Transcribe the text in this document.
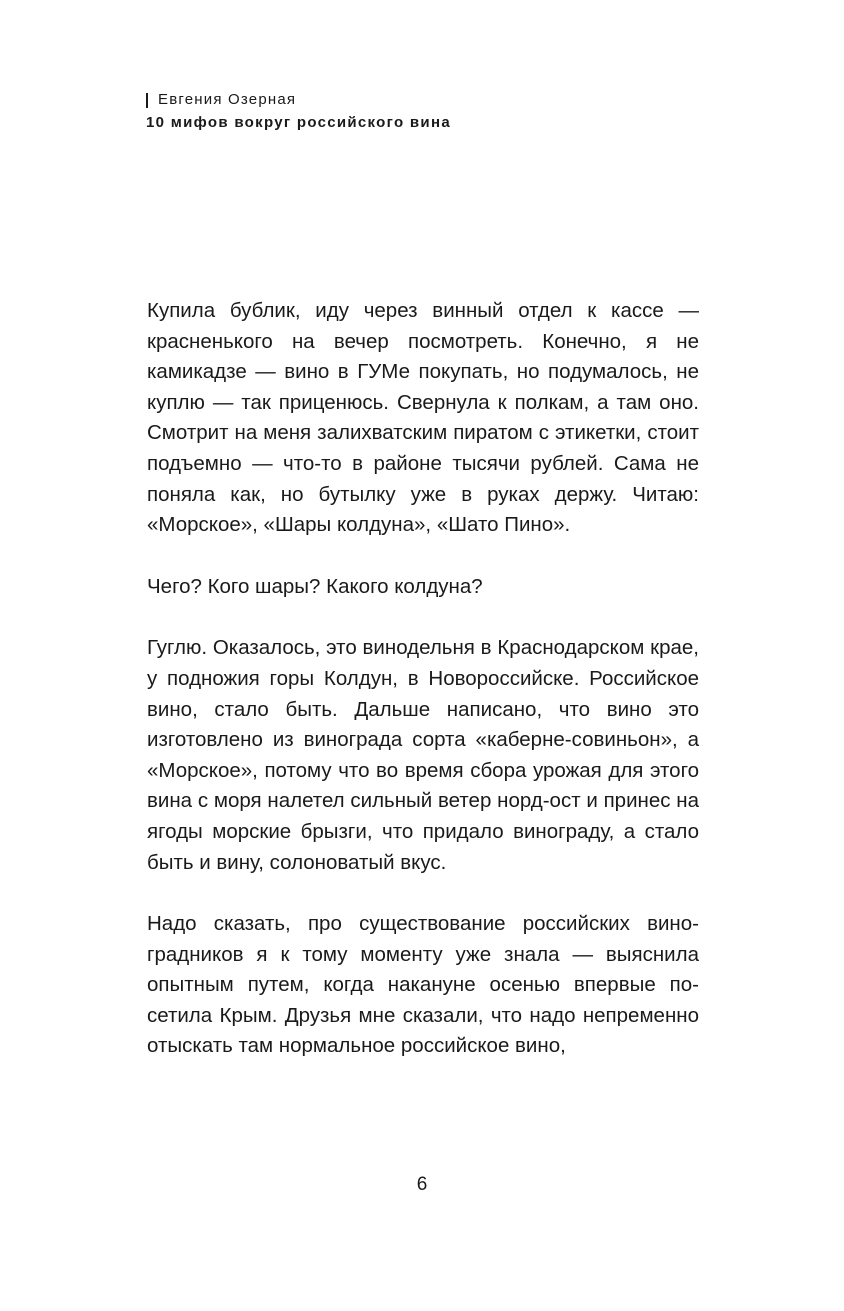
Евгения Озерная
10 мифов вокруг российского вина

Купила бублик, иду через винный отдел к кассе — красненького на вечер посмотреть. Конечно, я не камикадзе — вино в ГУМе покупать, но подумалось, не куплю — так приценюсь. Свернула к полкам, а там оно. Смотрит на меня залихватским пиратом с этикетки, стоит подъемно — что-то в районе тысячи рублей. Сама не поняла как, но бутылку уже в руках держу. Читаю: «Морское», «Шары колдуна», «Шато Пино».

Чего? Кого шары? Какого колдуна?

Гуглю. Оказалось, это винодельня в Краснодарском крае, у подножия горы Колдун, в Новороссийске. Российское вино, стало быть. Дальше написано, что вино это изготовлено из винограда сорта «каберне-совиньон», а «Морское», потому что во время сбора урожая для этого вина с моря налетел сильный ветер норд-ост и принес на ягоды морские брызги, что придало винограду, а стало быть и вину, солоноватый вкус.

Надо сказать, про существование российских виноградников я к тому моменту уже знала — выяснила опытным путем, когда накануне осенью впервые посетила Крым. Друзья мне сказали, что надо непременно отыскать там нормальное российское вино,

6
